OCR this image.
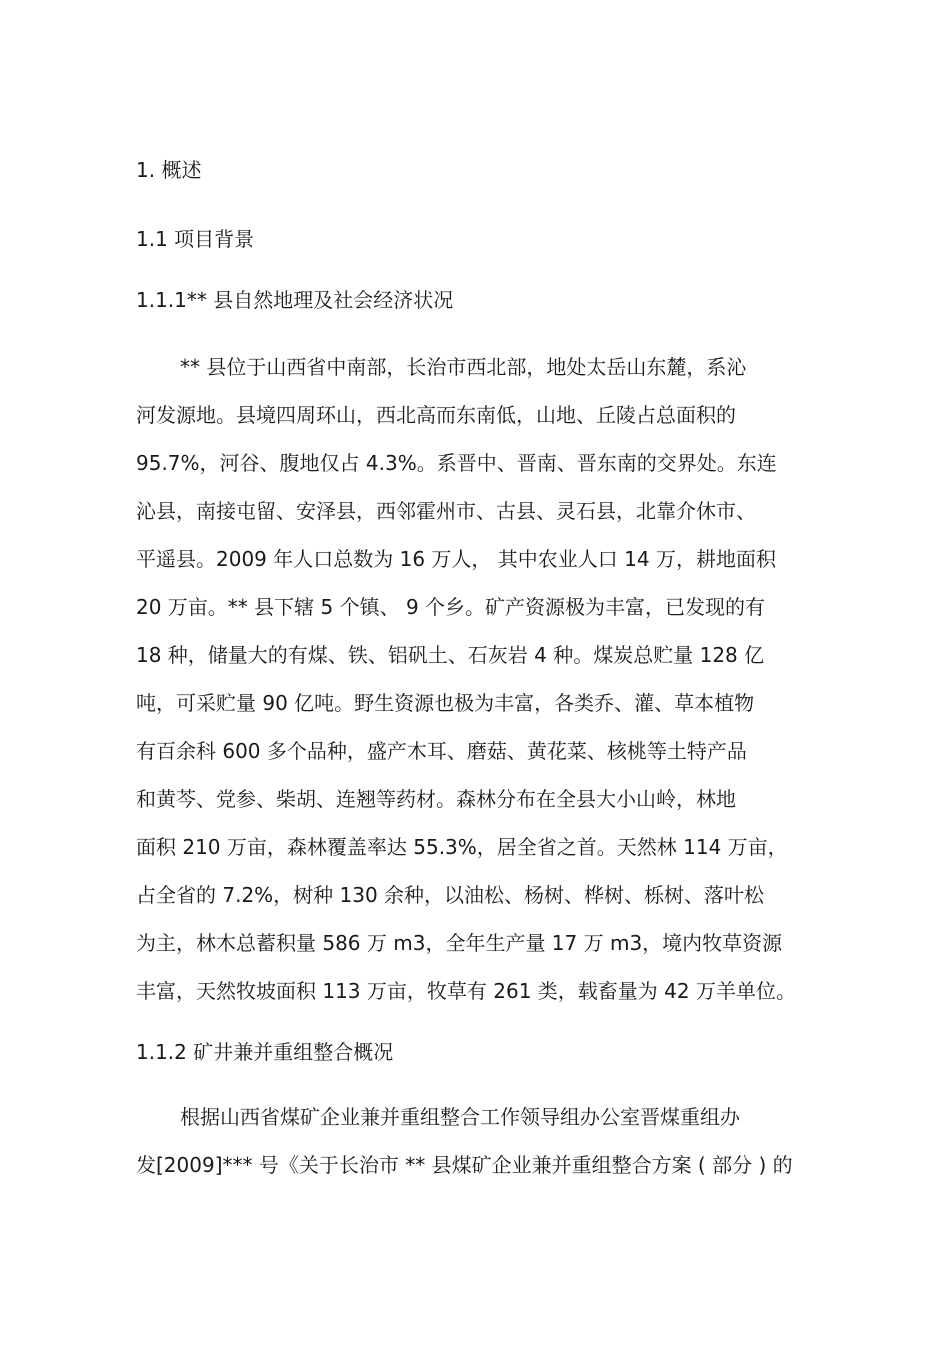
1. 概述
1.1 项目背景
1.1.1** 县自然地理及社会经济状况
** 县位于山西省中南部，长治市西北部，地处太岳山东麓，系沁
河发源地。县境四周环山，西北高而东南低，山地、丘陵占总面积的
95.7%，河谷、腹地仅占 4.3%。系晋中、晋南、晋东南的交界处。东连
沁县，南接屯留、安泽县，西邻霍州市、古县、灵石县，北靠介休市、
平遥县。2009 年人口总数为 16 万人， 其中农业人口 14 万，耕地面积
20 万亩。** 县下辖 5 个镇、 9 个乡。矿产资源极为丰富，已发现的有
18 种，储量大的有煤、铁、铝矾土、石灰岩 4 种。煤炭总贮量 128 亿
吨，可采贮量 90 亿吨。野生资源也极为丰富，各类乔、灌、草本植物
有百余科 600 多个品种，盛产木耳、磨菇、黄花菜、核桃等土特产品
和黄芩、党参、柴胡、连翘等药材。森林分布在全县大小山岭，林地
面积 210 万亩，森林覆盖率达 55.3%，居全省之首。天然林 114 万亩，
占全省的 7.2%，树种 130 余种，以油松、杨树、桦树、栎树、落叶松
为主，林木总蓄积量 586 万 m3，全年生产量 17 万 m3，境内牧草资源
丰富，天然牧坡面积 113 万亩，牧草有 261 类，载畜量为 42 万羊单位。
1.1.2 矿井兼并重组整合概况
根据山西省煤矿企业兼并重组整合工作领导组办公室晋煤重组办
发[2009]*** 号《关于长治市 ** 县煤矿企业兼并重组整合方案 ( 部分 ) 的
